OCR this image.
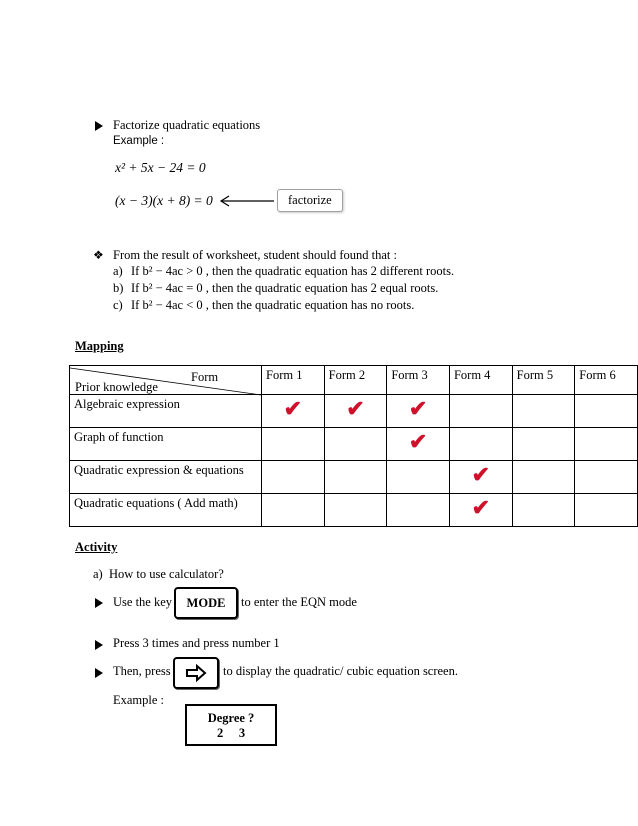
Factorize quadratic equations
Example :
x² + 5x − 24 = 0
(x − 3)(x + 8) = 0	factorize
❖ From the result of worksheet, student should found that :
a) If b² − 4ac > 0 , then the quadratic equation has 2 different roots.
b) If b² − 4ac = 0 , then the quadratic equation has 2 equal roots.
c) If b² − 4ac < 0 , then the quadratic equation has no roots.
Mapping
Form
Prior knowledge	Form 1	Form 2	Form 3	Form 4	Form 5	Form 6
Algebraic expression	✔	✔	✔			

Graph of function			✔			

Quadratic expression & equations				✔		

Quadratic equations ( Add math)				✔		

Activity
a)  How to use calculator?
Use the key	MODE	to enter the EQN mode
Press 3 times and press number 1
Then, press	to display the quadratic/ cubic equation screen.
Example :
Degree ?
2     3
